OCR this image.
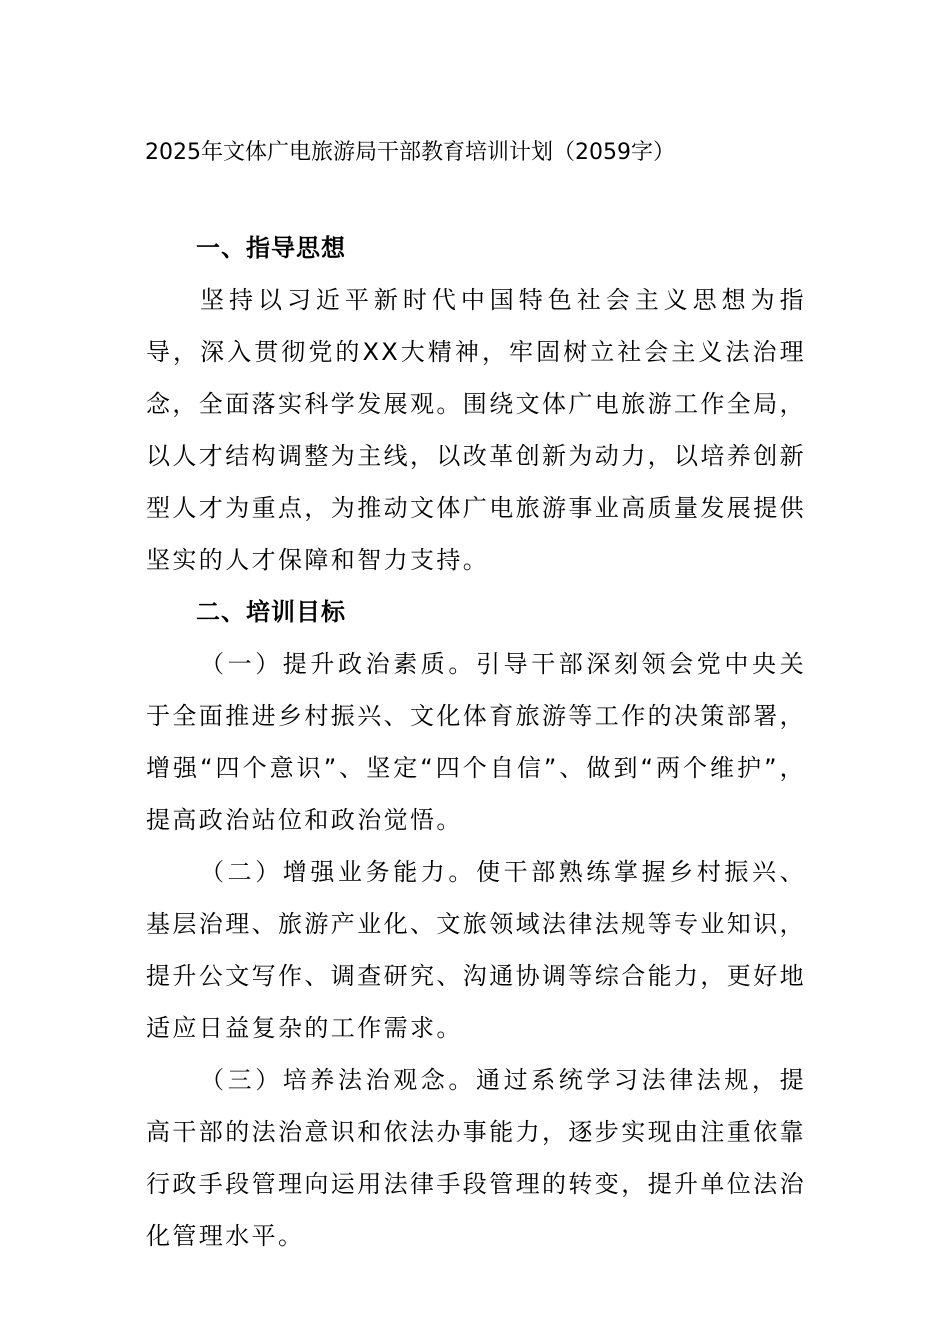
2025年文体广电旅游局干部教育培训计划（2059字）

一、指导思想

坚持以习近平新时代中国特色社会主义思想为指导，深入贯彻党的XX大精神，牢固树立社会主义法治理念，全面落实科学发展观。围绕文体广电旅游工作全局，以人才结构调整为主线，以改革创新为动力，以培养创新型人才为重点，为推动文体广电旅游事业高质量发展提供坚实的人才保障和智力支持。

二、培训目标

（一）提升政治素质。引导干部深刻领会党中央关于全面推进乡村振兴、文化体育旅游等工作的决策部署，增强“四个意识”、坚定“四个自信”、做到“两个维护”，提高政治站位和政治觉悟。

（二）增强业务能力。使干部熟练掌握乡村振兴、基层治理、旅游产业化、文旅领域法律法规等专业知识，提升公文写作、调查研究、沟通协调等综合能力，更好地适应日益复杂的工作需求。

（三）培养法治观念。通过系统学习法律法规，提高干部的法治意识和依法办事能力，逐步实现由注重依靠行政手段管理向运用法律手段管理的转变，提升单位法治化管理水平。
